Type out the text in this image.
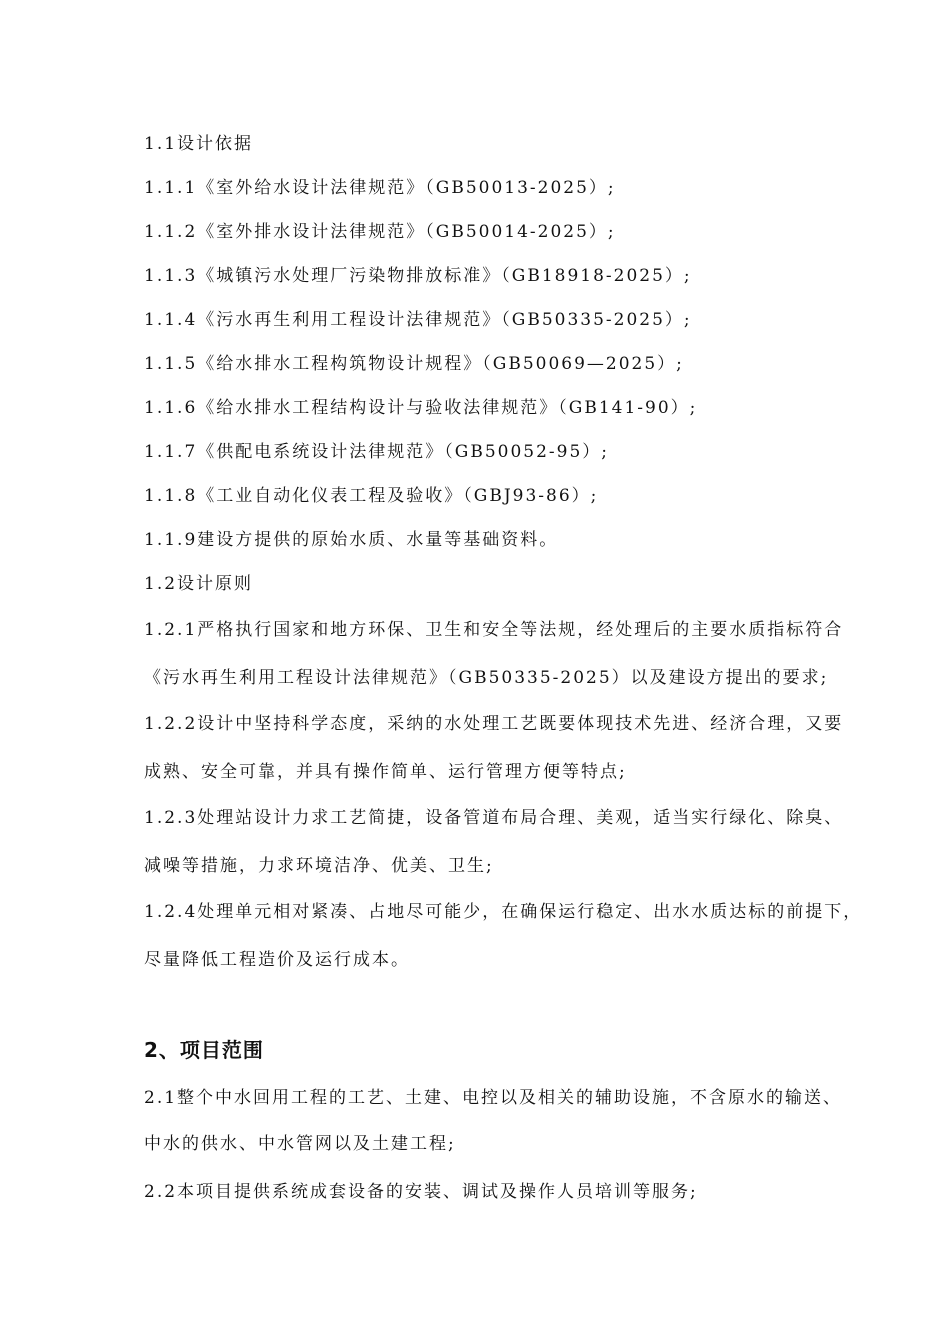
1.1设计依据
1.1.1《室外给水设计法律规范》（GB50013-2025）;
1.1.2《室外排水设计法律规范》（GB50014-2025）;
1.1.3《城镇污水处理厂污染物排放标准》（GB18918-2025）;
1.1.4《污水再生利用工程设计法律规范》（GB50335-2025）;
1.1.5《给水排水工程构筑物设计规程》（GB50069—2025）;
1.1.6《给水排水工程结构设计与验收法律规范》（GB141-90）;
1.1.7《供配电系统设计法律规范》（GB50052-95）;
1.1.8《工业自动化仪表工程及验收》（GBJ93-86）;
1.1.9建设方提供的原始水质、水量等基础资料。
1.2设计原则
1.2.1严格执行国家和地方环保、卫生和安全等法规，经处理后的主要水质指标符合
《污水再生利用工程设计法律规范》（GB50335-2025）以及建设方提出的要求;
1.2.2设计中坚持科学态度，采纳的水处理工艺既要体现技术先进、经济合理，又要
成熟、安全可靠，并具有操作简单、运行管理方便等特点;
1.2.3处理站设计力求工艺简捷，设备管道布局合理、美观，适当实行绿化、除臭、
减噪等措施，力求环境洁净、优美、卫生;
1.2.4处理单元相对紧凑、占地尽可能少，在确保运行稳定、出水水质达标的前提下，
尽量降低工程造价及运行成本。
2、项目范围
2.1整个中水回用工程的工艺、土建、电控以及相关的辅助设施，不含原水的输送、
中水的供水、中水管网以及土建工程;
2.2本项目提供系统成套设备的安装、调试及操作人员培训等服务;
